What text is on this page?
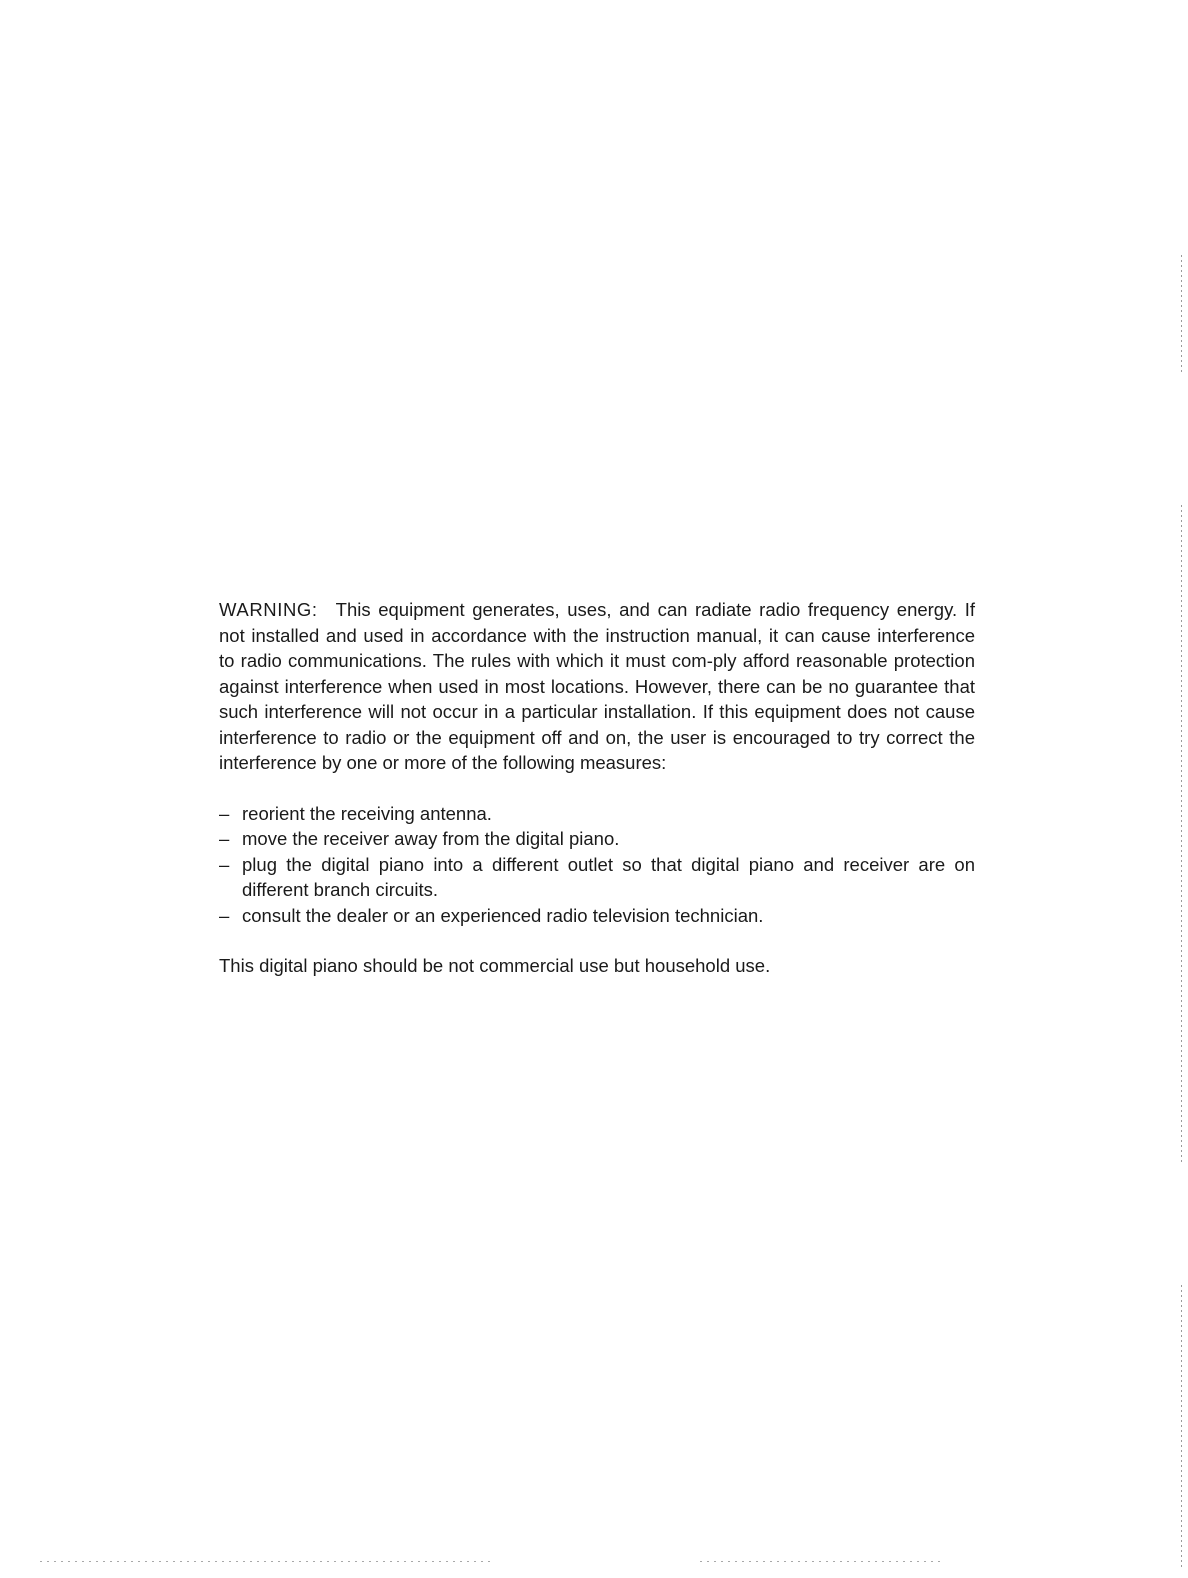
WARNING: This equipment generates, uses, and can radiate radio frequency energy. If not installed and used in accordance with the instruction manual, it can cause interference to radio communications. The rules with which it must com-ply afford reasonable protection against interference when used in most locations. However, there can be no guarantee that such interference will not occur in a particular installation. If this equipment does not cause interference to radio or the equipment off and on, the user is encouraged to try correct the interference by one or more of the following measures:

– reorient the receiving antenna.
– move the receiver away from the digital piano.
– plug the digital piano into a different outlet so that digital piano and receiver are on different branch circuits.
– consult the dealer or an experienced radio television technician.

This digital piano should be not commercial use but household use.
